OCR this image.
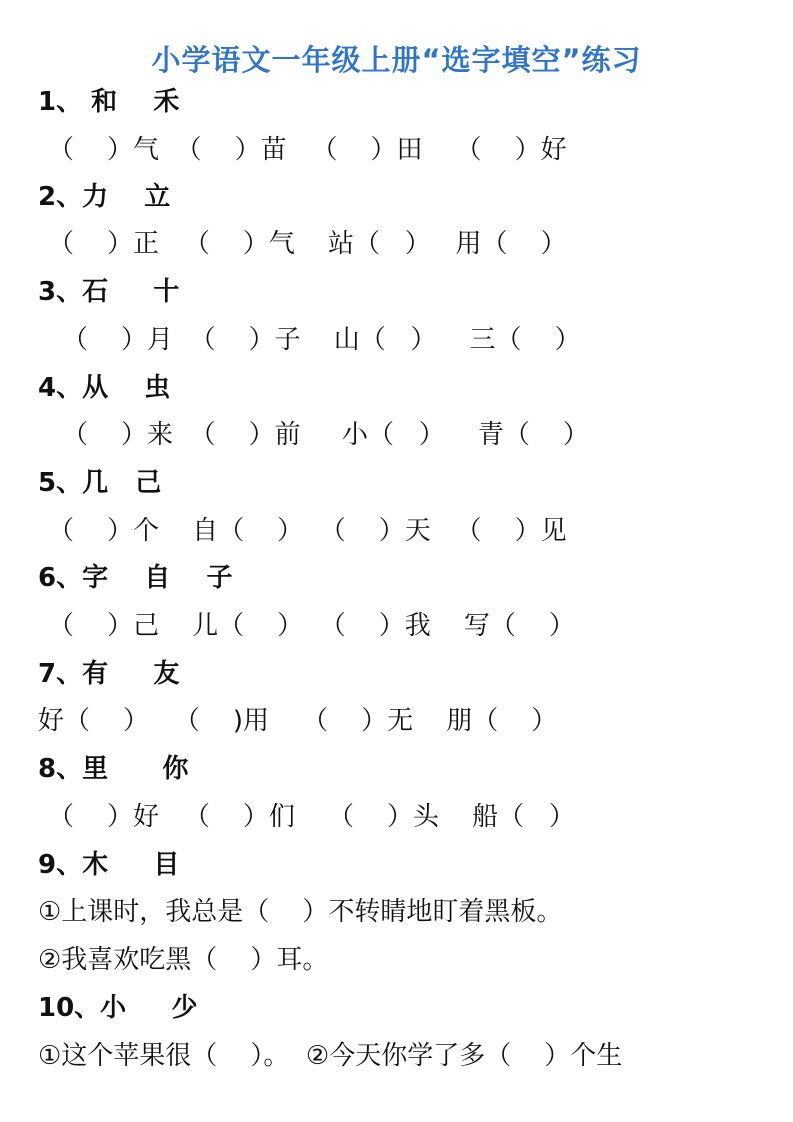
小学语文一年级上册“选字填空”练习
1、 和    禾
（    ）气  （    ）苗   （    ）田    （    ）好
2、力    立
（    ）正   （    ）气    站（   ）   用（    ）
3、石     十
（    ）月  （    ）子    山（   ）    三（    ）
4、从    虫
（    ）来  （    ）前     小（   ）    青（    ）
5、几   己
（    ）个    自（    ）  （    ）天   （    ）见
6、字    自    子
（    ）己    儿（    ）  （    ）我    写（    ）
7、有     友
好（    ）   （    )用    （    ）无    朋（    ）
8、里      你
（    ）好   （    ）们    （    ）头    船（   ）
9、木     目
①上课时，我总是（    ）不转睛地盯着黑板。
②我喜欢吃黑（    ）耳。
10、小     少
①这个苹果很（    ）。  ②今天你学了多（    ）个生
